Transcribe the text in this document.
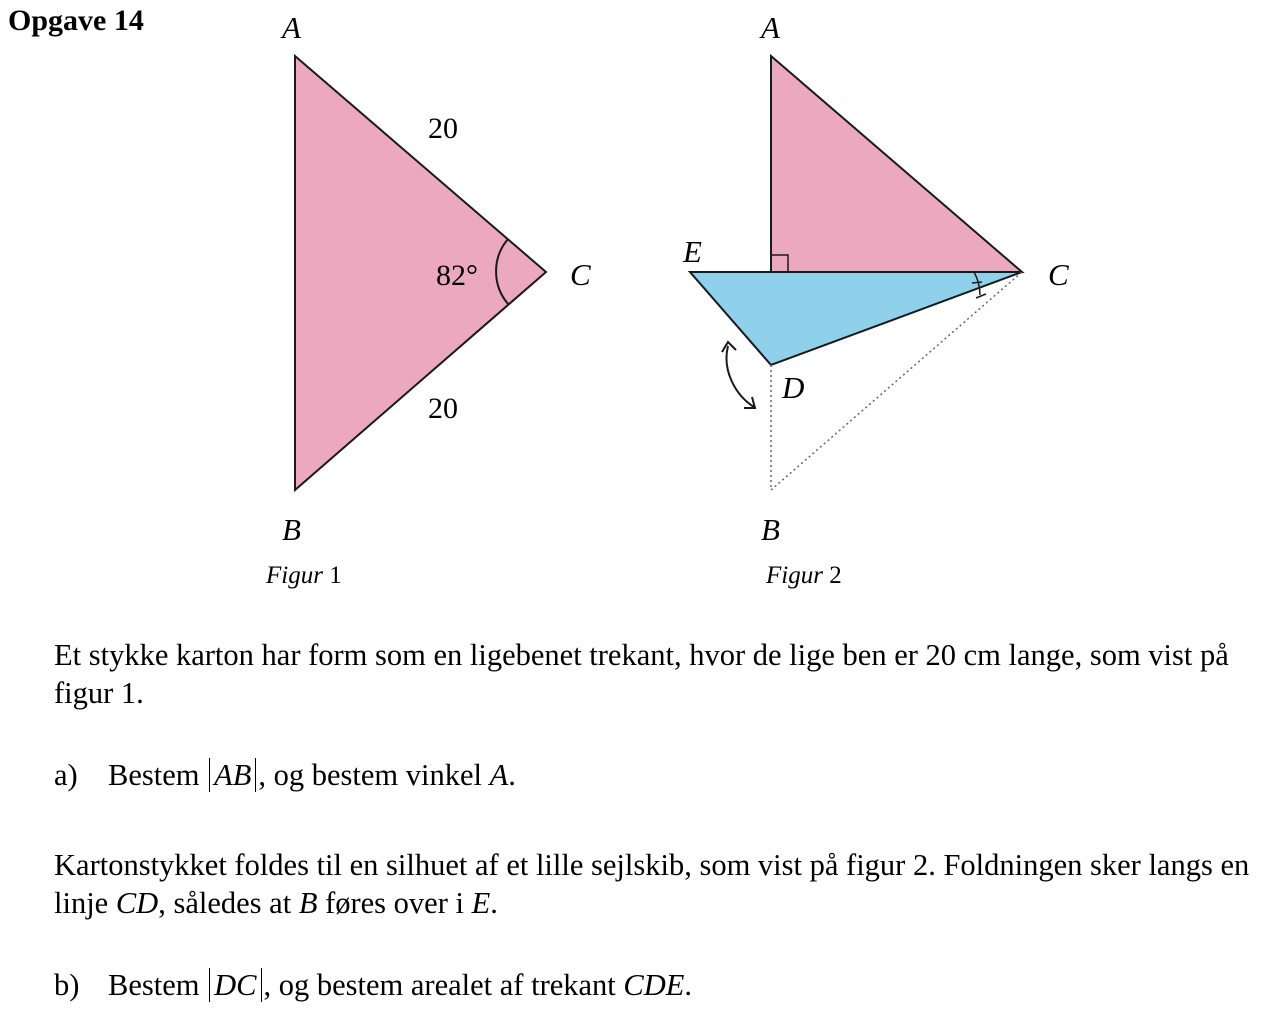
Opgave 14	A
B
C
20
20
82°
Figur 1
A
B
C
D
E
Figur 2
Et stykke karton har form som en ligebenet trekant, hvor de lige ben er 20 cm lange, som vist på figur 1.
a) Bestem AB , og bestem vinkel A.
Kartonstykket foldes til en silhuet af et lille sejlskib, som vist på figur 2. Foldningen sker langs en linje CD, således at B føres over i E.
b) Bestem DC , og bestem arealet af trekant CDE.
